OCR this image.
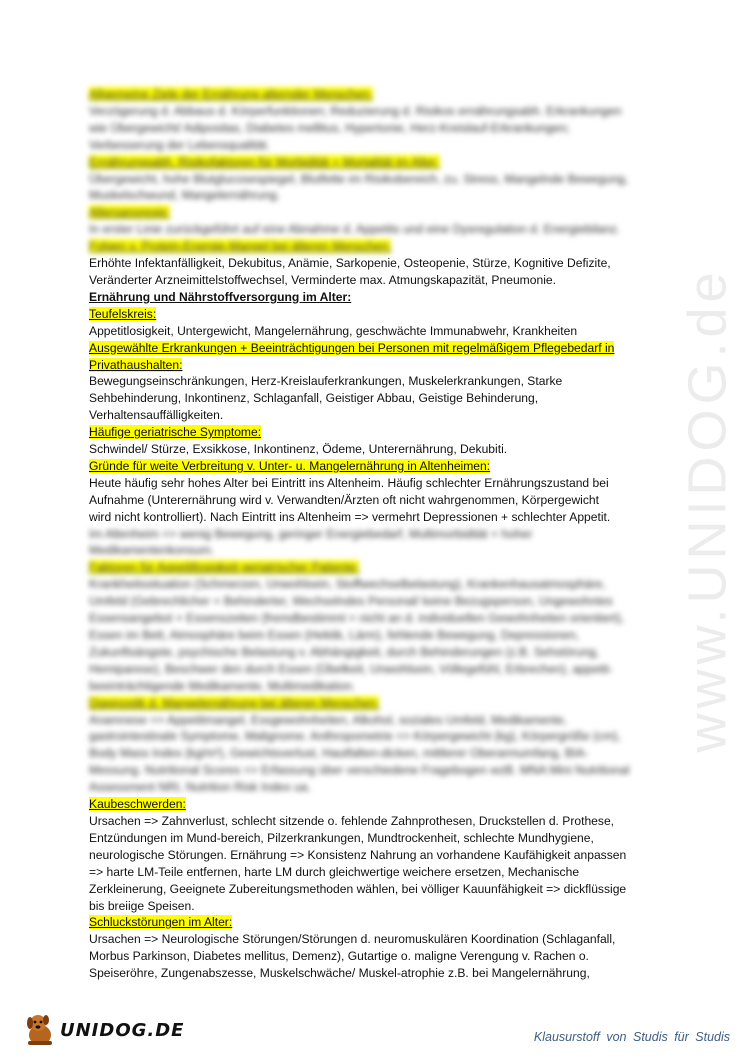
Allgemeine Ziele der Ernährung alternder Menschen:
Verzögerung d. Abbaus d. Körperfunktionen; Reduzierung d. Risikos ernährungsabh. Erkrankungen
wie Übergewicht/ Adipositas, Diabetes mellitus, Hypertonie, Herz-Kreislauf-Erkrankungen;
Verbesserung der Lebensqualität.
Ernährungsabh. Risikofaktoren für Morbidität + Mortalität im Alter:
Übergewicht, hohe Blutglucosespiegel, Blutfette im Risikobereich, zu. Stress, Mangelnde Bewegung,
Muskelschwund, Mangelernährung.
Altersanorexie:
In erster Linie zurückgeführt auf eine Abnahme d. Appetits und eine Dysregulation d. Energiebilanz.
Folgen v. Protein-Energie-Mangel bei älteren Menschen:
Erhöhte Infektanfälligkeit, Dekubitus, Anämie, Sarkopenie, Osteopenie, Stürze, Kognitive Defizite,
Veränderter Arzneimittelstoffwechsel, Verminderte max. Atmungskapazität, Pneumonie.
Ernährung und Nährstoffversorgung im Alter:
Teufelskreis:
Appetitlosigkeit, Untergewicht, Mangelernährung, geschwächte Immunabwehr, Krankheiten
Ausgewählte Erkrankungen + Beeinträchtigungen bei Personen mit regelmäßigem Pflegebedarf in
Privathaushalten:
Bewegungseinschränkungen, Herz-Kreislauferkrankungen, Muskelerkrankungen, Starke
Sehbehinderung, Inkontinenz, Schlaganfall, Geistiger Abbau, Geistige Behinderung,
Verhaltensauffälligkeiten.
Häufige geriatrische Symptome:
Schwindel/ Stürze, Exsikkose, Inkontinenz, Ödeme, Unterernährung, Dekubiti.
Gründe für weite Verbreitung v. Unter- u. Mangelernährung in Altenheimen:
Heute häufig sehr hohes Alter bei Eintritt ins Altenheim. Häufig schlechter Ernährungszustand bei
Aufnahme (Unterernährung wird v. Verwandten/Ärzten oft nicht wahrgenommen, Körpergewicht
wird nicht kontrolliert). Nach Eintritt ins Altenheim => vermehrt Depressionen + schlechter Appetit.
Im Altenheim => wenig Bewegung, geringer Energiebedarf, Multimorbidität + hoher
Medikamentenkonsum.
Faktoren für Appetitlosigkeit geriatrischer Patiente:
Krankheitssituation (Schmerzen, Unwohlsein, Stoffwechselbelastung), Krankenhausatmosphäre,
Umfeld (Gebrechlicher + Behinderter, Wechselndes Personal/ keine Bezugsperson, Ungewohntes
Essensangebot + Essenszeiten (fremdbestimmt = nicht an d. individuellen Gewohnheiten orientiert),
Essen im Bett, Atmosphäre beim Essen (Hektik, Lärm), fehlende Bewegung, Depressionen,
Zukunftsängste, psychische Belastung v. Abhängigkeit, durch Behinderungen (z.B. Sehstörung,
Hemiparese), Beschwer den durch Essen (Übelkeit, Unwohlsein, Völlegefühl, Erbrechen), appetit-
beeinträchtigende Medikamente, Multimedikation.
Diagnostik d. Mangelernährung bei älteren Menschen:
Anamnese => Appetitmangel, Essgewohnheiten, Alkohol, soziales Umfeld, Medikamente,
gastrointestinale Symptome, Malignome. Anthropometrie => Körpergewicht (kg), Körpergröße (cm),
Body Mass Index (kg/m²), Gewichtsverlust, Hautfalten-dicken, mittlerer Oberarmumfang, BIA-
Messung. Nutritional Scores => Erfassung über verschiedene Fragebogen wzB. MNA Mini Nutritional
Assessment NRI, Nutrition Risk Index ua.
Kaubeschwerden:
Ursachen => Zahnverlust, schlecht sitzende o. fehlende Zahnprothesen, Druckstellen d. Prothese,
Entzündungen im Mund-bereich, Pilzerkrankungen, Mundtrockenheit, schlechte Mundhygiene,
neurologische Störungen. Ernährung => Konsistenz Nahrung an vorhandene Kaufähigkeit anpassen
=> harte LM-Teile entfernen, harte LM durch gleichwertige weichere ersetzen, Mechanische
Zerkleinerung, Geeignete Zubereitungsmethoden wählen, bei völliger Kauunfähigkeit => dickflüssige
bis breiige Speisen.
Schluckstörungen im Alter:
Ursachen => Neurologische Störungen/Störungen d. neuromuskulären Koordination (Schlaganfall,
Morbus Parkinson, Diabetes mellitus, Demenz), Gutartige o. maligne Verengung v. Rachen o.
Speiseröhre, Zungenabszesse, Muskelschwäche/ Muskel-atrophie z.B. bei Mangelernährung,
www.UNIDOG.de
UNIDOG.DE	Klausurstoff von Studis für Studis
